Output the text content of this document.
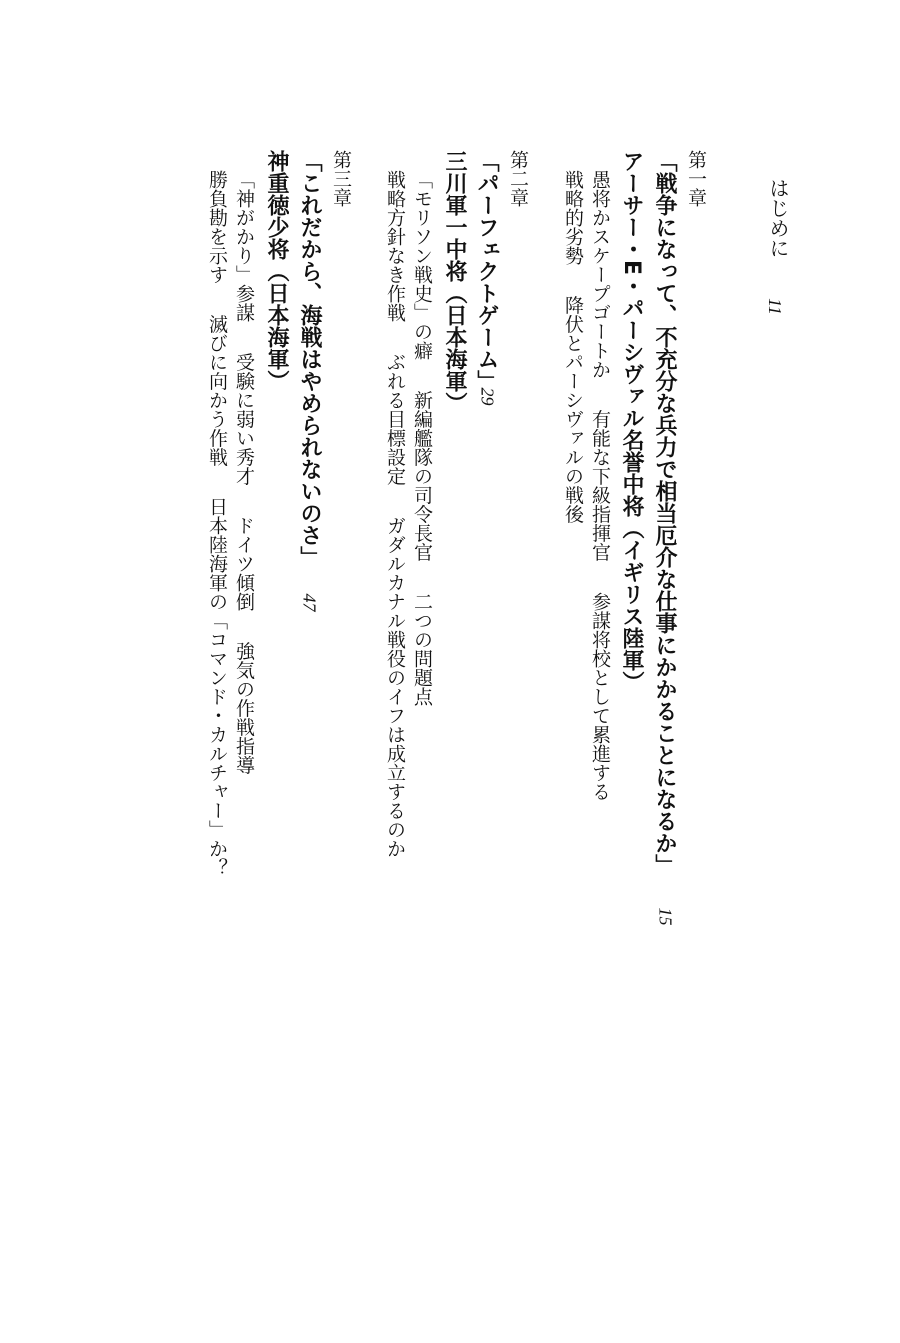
はじめに
11
第一章
「戦争になって、不充分な兵力で相当厄介な仕事にかかることになるか」
15
アーサー・E・パーシヴァル名誉中将（イギリス陸軍）
愚将かスケープゴートか有能な下級指揮官参謀将校として累進する
戦略的劣勢降伏とパーシヴァルの戦後
第二章
「パーフェクトゲーム」
三川軍一中将（日本海軍） 29
「モリソン戦史」の癖新編艦隊の司令長官二つの問題点
戦略方針なき作戦ぶれる目標設定ガダルカナル戦役のイフは成立するのか
第三章
「これだから、海戦はやめられないのさ」
47
神重徳少将（日本海軍）
「神がかり」参謀受験に弱い秀才ドイツ傾倒強気の作戦指導
勝負勘を示す滅びに向かう作戦日本陸海軍の「コマンド・カルチャー」か？
